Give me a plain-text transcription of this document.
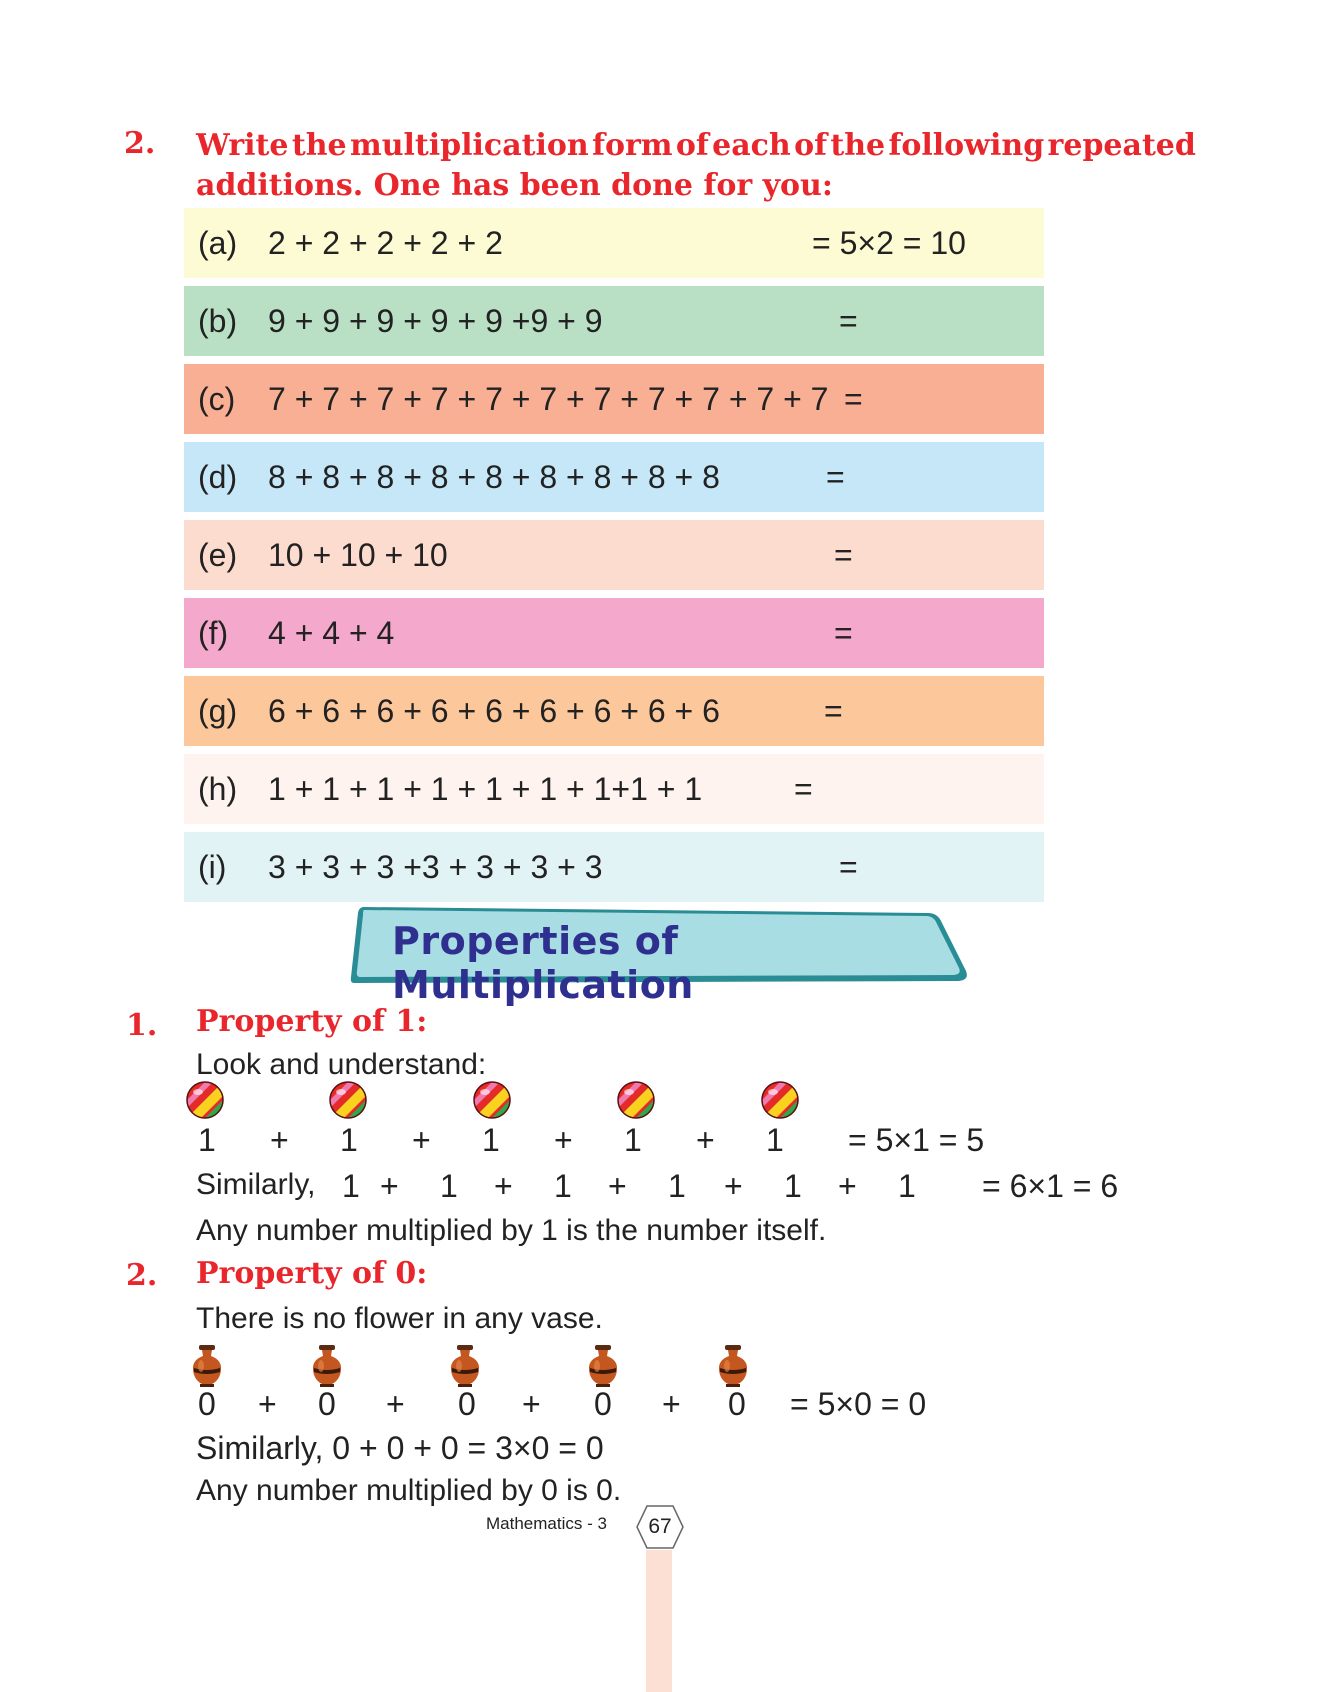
2. Write the multiplication form of each of the following repeated
additions. One has been done for you:
(a) 2 + 2 + 2 + 2 + 2	= 5×2 = 10
(b) 9 + 9 + 9 + 9 + 9 +9 + 9	=
(c) 7 + 7 + 7 + 7 + 7 + 7 + 7 + 7 + 7 + 7 + 7 =
(d) 8 + 8 + 8 + 8 + 8 + 8 + 8 + 8 + 8	=
(e) 10 + 10 + 10	=
(f) 4 + 4 + 4	=
(g) 6 + 6 + 6 + 6 + 6 + 6 + 6 + 6 + 6	=
(h) 1 + 1 + 1 + 1 + 1 + 1 + 1+1 + 1	=
(i) 3 + 3 + 3 +3 + 3 + 3 + 3	=
Properties of Multiplication
1. Property of 1:
Look and understand:
1 + 1 + 1 + 1 + 1 = 5×1 = 5
Similarly, 1 + 1 + 1 + 1 + 1 + 1 = 6×1 = 6
Any number multiplied by 1 is the number itself.
2. Property of 0:
There is no flower in any vase.
0 + 0 + 0 + 0 + 0 = 5×0 = 0
Similarly, 0 + 0 + 0 = 3×0 = 0
Any number multiplied by 0 is 0.
Mathematics - 3	67
